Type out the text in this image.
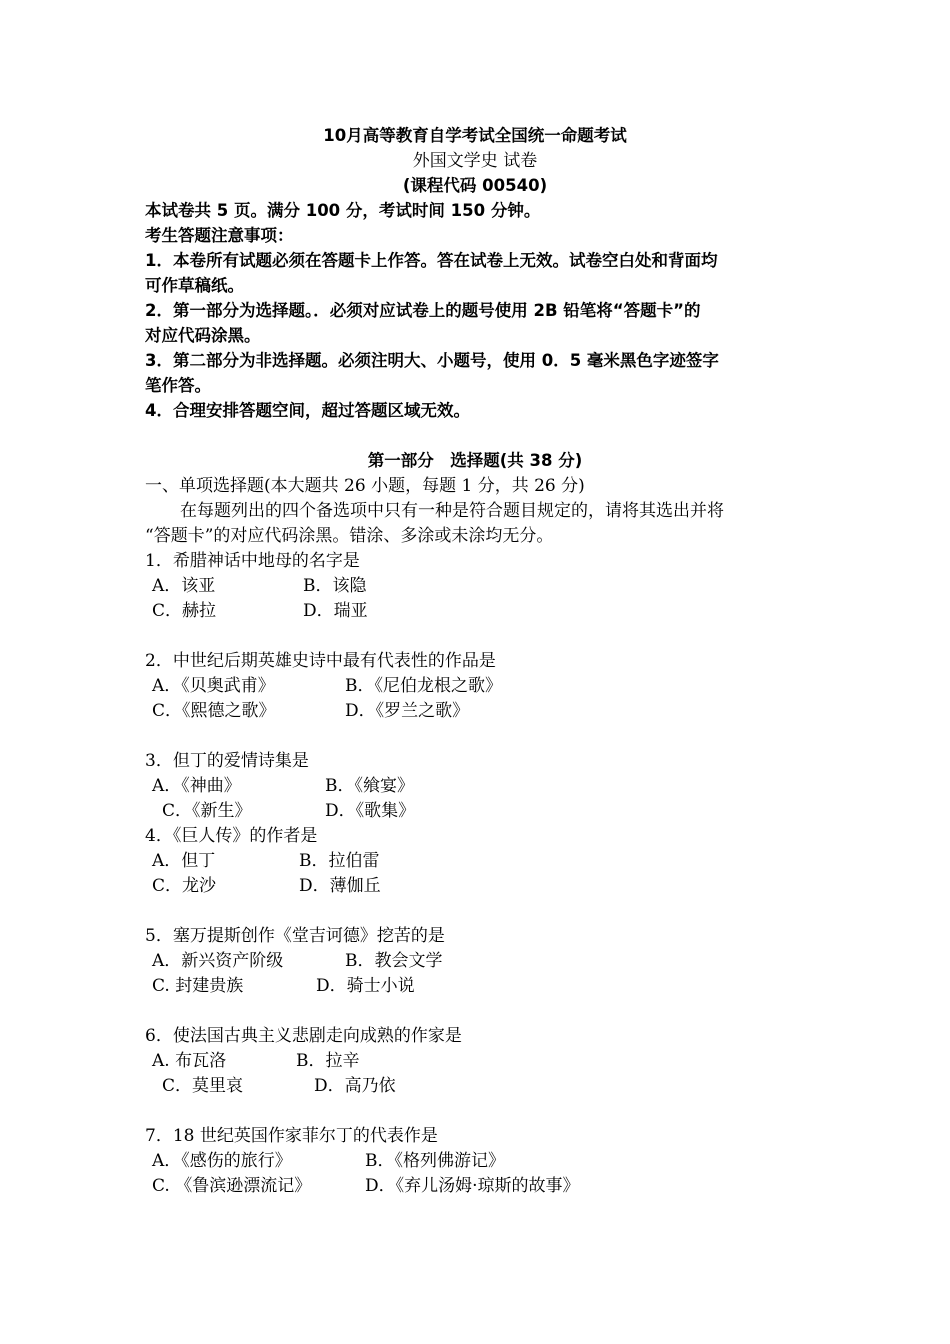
10月高等教育自学考试全国统一命题考试
外国文学史 试卷
(课程代码 00540)
本试卷共 5 页。满分 100 分，考试时间 150 分钟。
考生答题注意事项：
1．本卷所有试题必须在答题卡上作答。答在试卷上无效。试卷空白处和背面均
可作草稿纸。
2．第一部分为选择题。．必须对应试卷上的题号使用 2B 铅笔将“答题卡”的
对应代码涂黑。
3．第二部分为非选择题。必须注明大、小题号，使用 0．5 毫米黑色字迹签字
笔作答。
4．合理安排答题空间，超过答题区域无效。
第一部分　选择题(共 38 分)
一、单项选择题(本大题共 26 小题，每题 1 分，共 26 分)
在每题列出的四个备选项中只有一种是符合题目规定的，请将其选出并将
“答题卡”的对应代码涂黑。错涂、多涂或未涂均无分。
1．希腊神话中地母的名字是
A．该亚	B．该隐
C．赫拉	D．瑞亚
2．中世纪后期英雄史诗中最有代表性的作品是
A．《贝奥武甫》	B．《尼伯龙根之歌》
C．《熙德之歌》	D．《罗兰之歌》
3．但丁的爱情诗集是
A．《神曲》	B．《飨宴》
C．《新生》	D．《歌集》
4．《巨人传》的作者是
A．但丁	B．拉伯雷
C．龙沙	D．薄伽丘
5．塞万提斯创作《堂吉诃德》挖苦的是
A．新兴资产阶级	B．教会文学
C. 封建贵族	D．骑士小说
6．使法国古典主义悲剧走向成熟的作家是
A. 布瓦洛	B．拉辛
C．莫里哀	D．高乃依
7．18 世纪英国作家菲尔丁的代表作是
A．《感伤的旅行》	B．《格列佛游记》
C. 《鲁滨逊漂流记》	D．《弃儿汤姆·琼斯的故事》
